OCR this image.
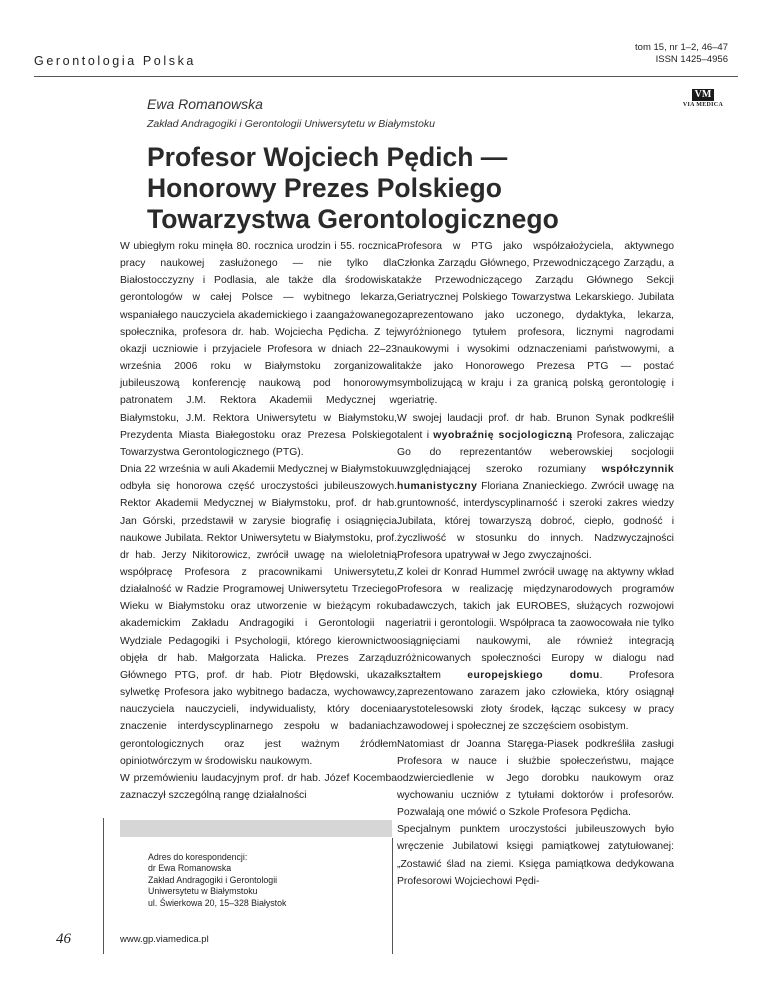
Gerontologia Polska
tom 15, nr 1–2, 46–47
ISSN 1425–4956
VM
VIA MEDICA
Ewa Romanowska
Zakład Andragogiki i Gerontologii Uniwersytetu w Białymstoku
Profesor Wojciech Pędich — Honorowy Prezes Polskiego Towarzystwa Gerontologicznego

W ubiegłym roku minęła 80. rocznica urodzin i 55. rocznica pracy naukowej zasłużonego — nie tylko dla Białostocczyzny i Podlasia, ale także dla środowiska gerontologów w całej Polsce — wybitnego lekarza, wspaniałego nauczyciela akademickiego i zaangażowanego społecznika, profesora dr. hab. Wojciecha Pędicha. Z tej okazji uczniowie i przyjaciele Profesora w dniach 22–23 września 2006 roku w Białymstoku zorganizowali jubileuszową konferencję naukową pod honorowym patronatem J.M. Rektora Akademii Medycznej w Białymstoku, J.M. Rektora Uniwersytetu w Białymstoku, Prezydenta Miasta Białegostoku oraz Prezesa Polskiego Towarzystwa Gerontologicznego (PTG).

Dnia 22 września w auli Akademii Medycznej w Białymstoku odbyła się honorowa część uroczystości jubileuszowych. Rektor Akademii Medycznej w Białymstoku, prof. dr hab. Jan Górski, przedstawił w zarysie biografię i osiągnięcia naukowe Jubilata. Rektor Uniwersytetu w Białymstoku, prof. dr hab. Jerzy Nikitorowicz, zwrócił uwagę na wieloletnią współpracę Profesora z pracownikami Uniwersytetu, działalność w Radzie Programowej Uniwersytetu Trzeciego Wieku w Białymstoku oraz utworzenie w bieżącym roku akademickim Zakładu Andragogiki i Gerontologii na Wydziale Pedagogiki i Psychologii, którego kierownictwo objęła dr hab. Małgorzata Halicka. Prezes Zarządu Głównego PTG, prof. dr hab. Piotr Błędowski, ukazał sylwetkę Profesora jako wybitnego badacza, wychowawcy, nauczyciela nauczycieli, indywidualisty, który docenia znaczenie interdyscyplinarnego zespołu w badaniach gerontologicznych oraz jest ważnym źródłem opiniotwórczym w środowisku naukowym.

W przemówieniu laudacyjnym prof. dr hab. Józef Kocemba zaznaczył szczególną rangę działalności

Profesora w PTG jako współzałożyciela, aktywnego Członka Zarządu Głównego, Przewodniczącego Zarządu, a także Przewodniczącego Zarządu Głównego Sekcji Geriatrycznej Polskiego Towarzystwa Lekarskiego. Jubilata zaprezentowano jako uczonego, dydaktyka, lekarza, wyróżnionego tytułem profesora, licznymi nagrodami naukowymi i wysokimi odznaczeniami państwowymi, a także jako Honorowego Prezesa PTG — postać symbolizującą w kraju i za granicą polską gerontologię i geriatrię.

W swojej laudacji prof. dr hab. Brunon Synak podkreślił talent i wyobraźnię socjologiczną Profesora, zaliczając Go do reprezentantów weberowskiej socjologii uwzględniającej szeroko rozumiany współczynnik humanistyczny Floriana Znanieckiego. Zwrócił uwagę na gruntowność, interdyscyplinarność i szeroki zakres wiedzy Jubilata, której towarzyszą dobroć, ciepło, godność i życzliwość w stosunku do innych. Nadzwyczajności Profesora upatrywał w Jego zwyczajności.

Z kolei dr Konrad Hummel zwrócił uwagę na aktywny wkład Profesora w realizację międzynarodowych programów badawczych, takich jak EUROBES, służących rozwojowi geriatrii i gerontologii. Współpraca ta zaowocowała nie tylko osiągnięciami naukowymi, ale również integracją zróżnicowanych społeczności Europy w dialogu nad kształtem europejskiego domu. Profesora zaprezentowano zarazem jako człowieka, który osiągnął arystotelesowski złoty środek, łącząc sukcesy w pracy zawodowej i społecznej ze szczęściem osobistym.

Natomiast dr Joanna Staręga-Piasek podkreśliła zasługi Profesora w nauce i służbie społeczeństwu, mające odzwierciedlenie w Jego dorobku naukowym oraz wychowaniu uczniów z tytułami doktorów i profesorów. Pozwalają one mówić o Szkole Profesora Pędicha.

Specjalnym punktem uroczystości jubileuszowych było wręczenie Jubilatowi księgi pamiątkowej zatytułowanej: „Zostawić ślad na ziemi. Księga pamiątkowa dedykowana Profesorowi Wojciechowi Pędi-

Adres do korespondencji:
dr Ewa Romanowska
Zakład Andragogiki i Gerontologii
Uniwersytetu w Białymstoku
ul. Świerkowa 20, 15–328 Białystok
46	www.gp.viamedica.pl
